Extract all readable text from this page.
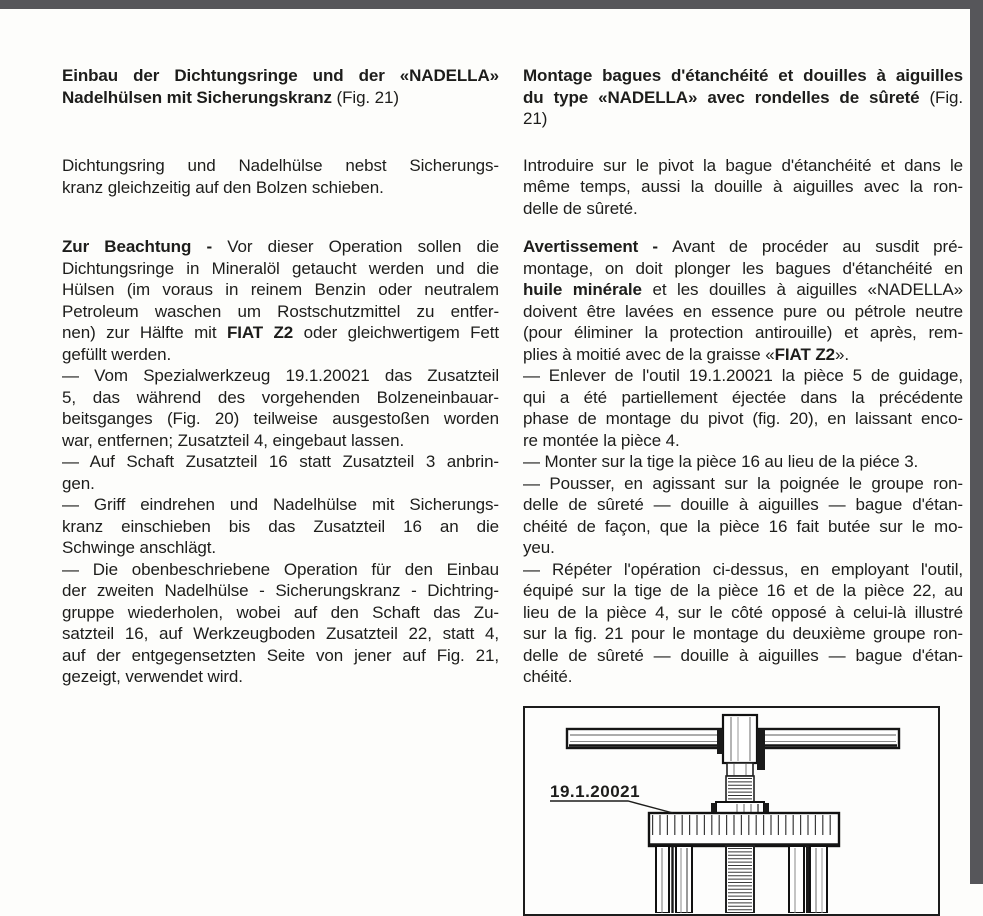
Einbau der Dichtungsringe und der «NADELLA»
Nadelhülsen mit Sicherungskranz (Fig. 21)
Dichtungsring und Nadelhülse nebst Sicherungs-
kranz gleichzeitig auf den Bolzen schieben.
Zur Beachtung - Vor dieser Operation sollen die
Dichtungsringe in Mineralöl getaucht werden und die
Hülsen (im voraus in reinem Benzin oder neutralem
Petroleum waschen um Rostschutzmittel zu entfer-
nen) zur Hälfte mit FIAT Z2 oder gleichwertigem Fett
gefüllt werden.
— Vom Spezialwerkzeug 19.1.20021 das Zusatzteil
5, das während des vorgehenden Bolzeneinbauar-
beitsganges (Fig. 20) teilweise ausgestoßen worden
war, entfernen; Zusatzteil 4, eingebaut lassen.
— Auf Schaft Zusatzteil 16 statt Zusatzteil 3 anbrin-
gen.
— Griff eindrehen und Nadelhülse mit Sicherungs-
kranz einschieben bis das Zusatzteil 16 an die
Schwinge anschlägt.
— Die obenbeschriebene Operation für den Einbau
der zweiten Nadelhülse - Sicherungskranz - Dichtring-
gruppe wiederholen, wobei auf den Schaft das Zu-
satzteil 16, auf Werkzeugboden Zusatzteil 22, statt 4,
auf der entgegensetzten Seite von jener auf Fig. 21,
gezeigt, verwendet wird.
Montage bagues d'étanchéité et douilles à aiguilles
du type «NADELLA» avec rondelles de sûreté (Fig.
21)
Introduire sur le pivot la bague d'étanchéité et dans le
même temps, aussi la douille à aiguilles avec la ron-
delle de sûreté.
Avertissement - Avant de procéder au susdit pré-
montage, on doit plonger les bagues d'étanchéité en
huile minérale et les douilles à aiguilles «NADELLA»
doivent être lavées en essence pure ou pétrole neutre
(pour éliminer la protection antirouille) et après, rem-
plies à moitié avec de la graisse «FIAT Z2».
— Enlever de l'outil 19.1.20021 la pièce 5 de guidage,
qui a été partiellement éjectée dans la précédente
phase de montage du pivot (fig. 20), en laissant enco-
re montée la pièce 4.
— Monter sur la tige la pièce 16 au lieu de la piéce 3.
— Pousser, en agissant sur la poignée le groupe ron-
delle de sûreté — douille à aiguilles — bague d'étan-
chéité de façon, que la pièce 16 fait butée sur le mo-
yeu.
— Répéter l'opération ci-dessus, en employant l'outil,
équipé sur la tige de la pièce 16 et de la pièce 22, au
lieu de la pièce 4, sur le côté opposé à celui-là illustré
sur la fig. 21 pour le montage du deuxième groupe ron-
delle de sûreté — douille à aiguilles — bague d'étan-
chéité.
19.1.20021
